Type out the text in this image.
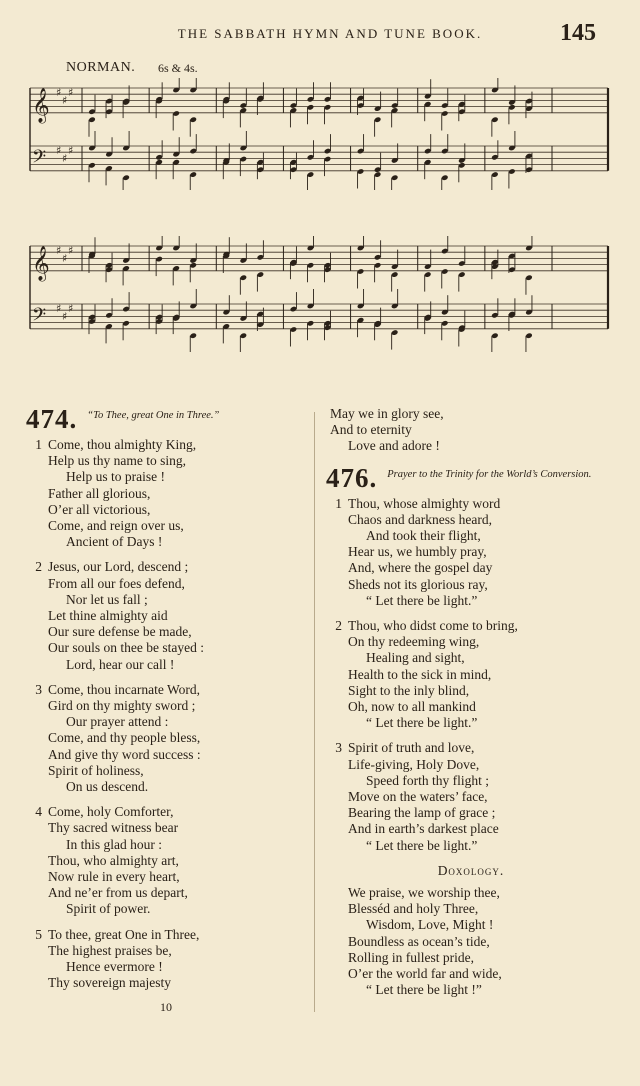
THE SABBATH HYMN AND TUNE BOOK.	145
NORMAN. 6s & 4s.
𝄞 ♯
♯
♯
𝄢 ♯
♯
♯
𝄞 ♯
♯
♯
𝄢 ♯
♯
♯
474. “To Thee, great One in Three.”
1 Come, thou almighty King,
Help us thy name to sing,
Help us to praise !
Father all glorious,
O’er all victorious,
Come, and reign over us,
Ancient of Days !
2 Jesus, our Lord, descend ;
From all our foes defend,
Nor let us fall ;
Let thine almighty aid
Our sure defense be made,
Our souls on thee be stayed :
Lord, hear our call !
3 Come, thou incarnate Word,
Gird on thy mighty sword ;
Our prayer attend :
Come, and thy people bless,
And give thy word success :
Spirit of holiness,
On us descend.
4 Come, holy Comforter,
Thy sacred witness bear
In this glad hour :
Thou, who almighty art,
Now rule in every heart,
And ne’er from us depart,
Spirit of power.
5 To thee, great One in Three,
The highest praises be,
Hence evermore !
Thy sovereign majesty
May we in glory see,
And to eternity
Love and adore !
476. Prayer to the Trinity for the World’s Conversion.
1 Thou, whose almighty word
Chaos and darkness heard,
And took their flight,
Hear us, we humbly pray,
And, where the gospel day
Sheds not its glorious ray,
“ Let there be light.”
2 Thou, who didst come to bring,
On thy redeeming wing,
Healing and sight,
Health to the sick in mind,
Sight to the inly blind,
Oh, now to all mankind
“ Let there be light.”
3 Spirit of truth and love,
Life-giving, Holy Dove,
Speed forth thy flight ;
Move on the waters’ face,
Bearing the lamp of grace ;
And in earth’s darkest place
“ Let there be light.”
Doxology.
We praise, we worship thee,
Blesséd and holy Three,
Wisdom, Love, Might !
Boundless as ocean’s tide,
Rolling in fullest pride,
O’er the world far and wide,
“ Let there be light !”
10
